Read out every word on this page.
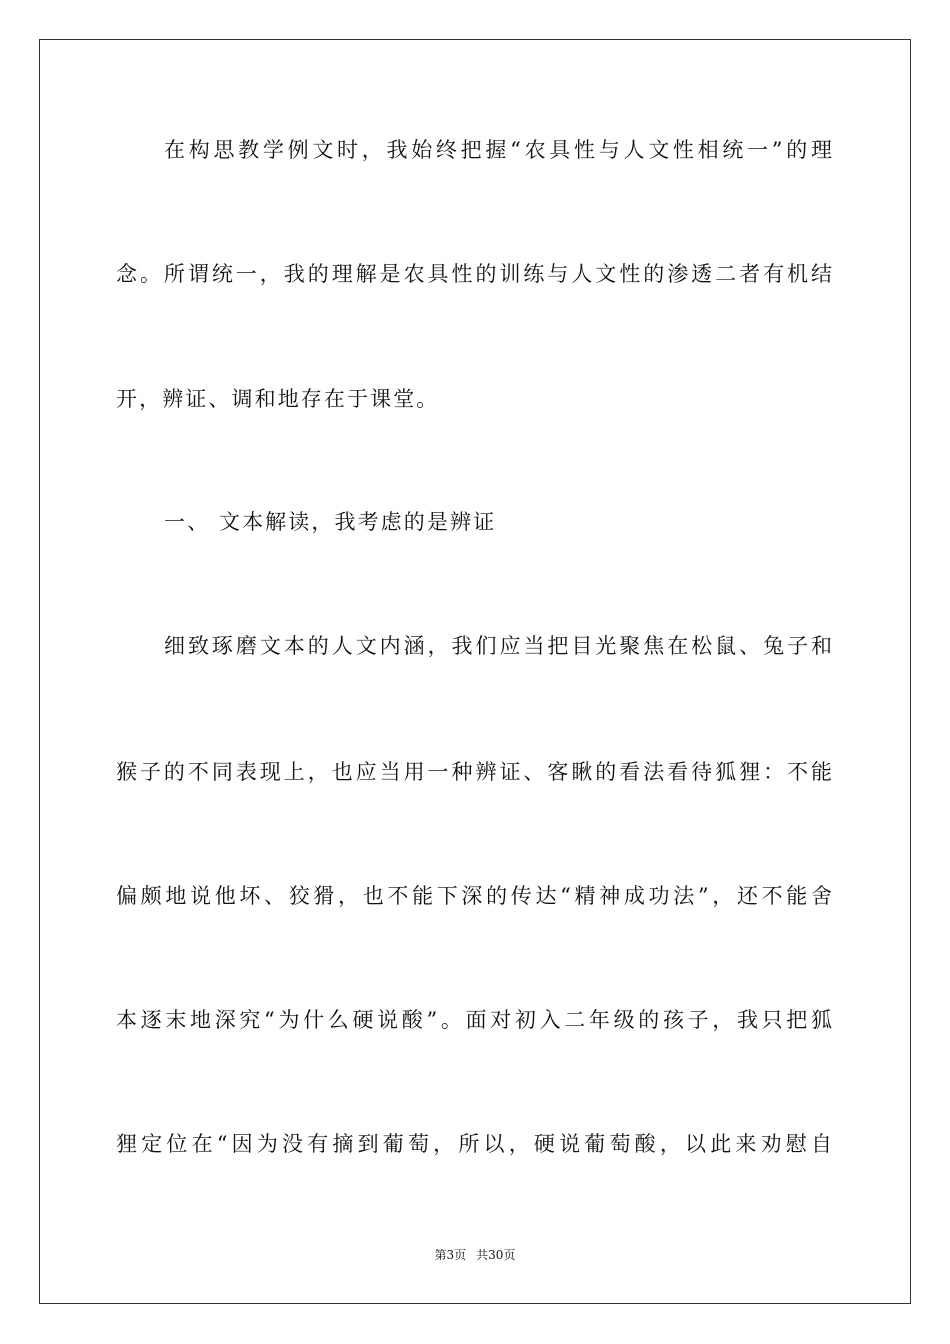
在构思教学例文时，我始终把握“农具性与人文性相统一”的理
念。所谓统一，我的理解是农具性的训练与人文性的渗透二者有机结
开，辨证、调和地存在于课堂。
一、 文本解读，我考虑的是辨证
细致琢磨文本的人文内涵，我们应当把目光聚焦在松鼠、兔子和
猴子的不同表现上，也应当用一种辨证、客瞅的看法看待狐狸：不能
偏颇地说他坏、狡猾，也不能下深的传达“精神成功法”，还不能舍
本逐末地深究“为什么硬说酸”。面对初入二年级的孩子，我只把狐
狸定位在“因为没有摘到葡萄，所以，硬说葡萄酸，以此来劝慰自
第3页 共30页
